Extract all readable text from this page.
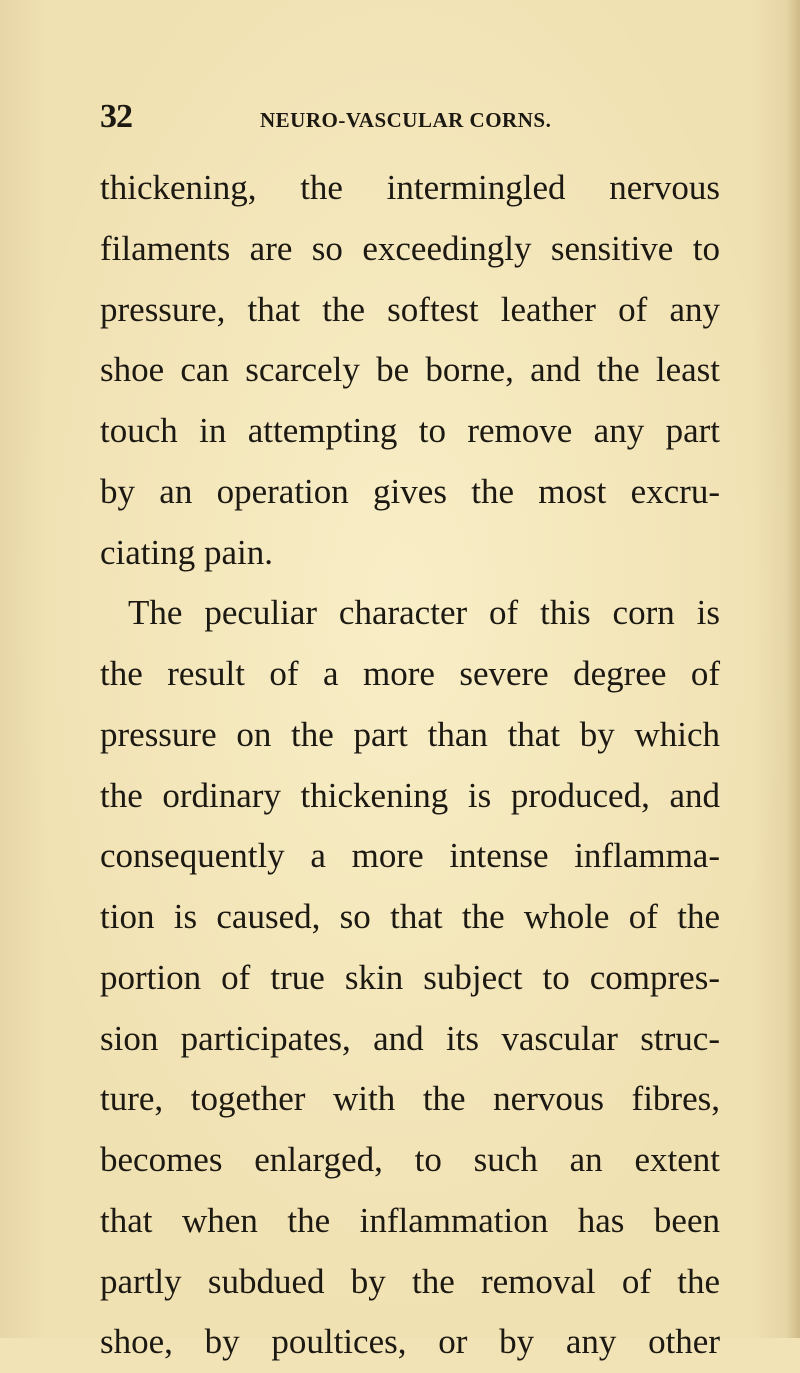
32	NEURO-VASCULAR CORNS.
thickening, the intermingled nervous
filaments are so exceedingly sensitive to
pressure, that the softest leather of any
shoe can scarcely be borne, and the least
touch in attempting to remove any part
by an operation gives the most excru-
ciating pain.
The peculiar character of this corn is
the result of a more severe degree of
pressure on the part than that by which
the ordinary thickening is produced, and
consequently a more intense inflamma-
tion is caused, so that the whole of the
portion of true skin subject to compres-
sion participates, and its vascular struc-
ture, together with the nervous fibres,
becomes enlarged, to such an extent
that when the inflammation has been
partly subdued by the removal of the
shoe, by poultices, or by any other
